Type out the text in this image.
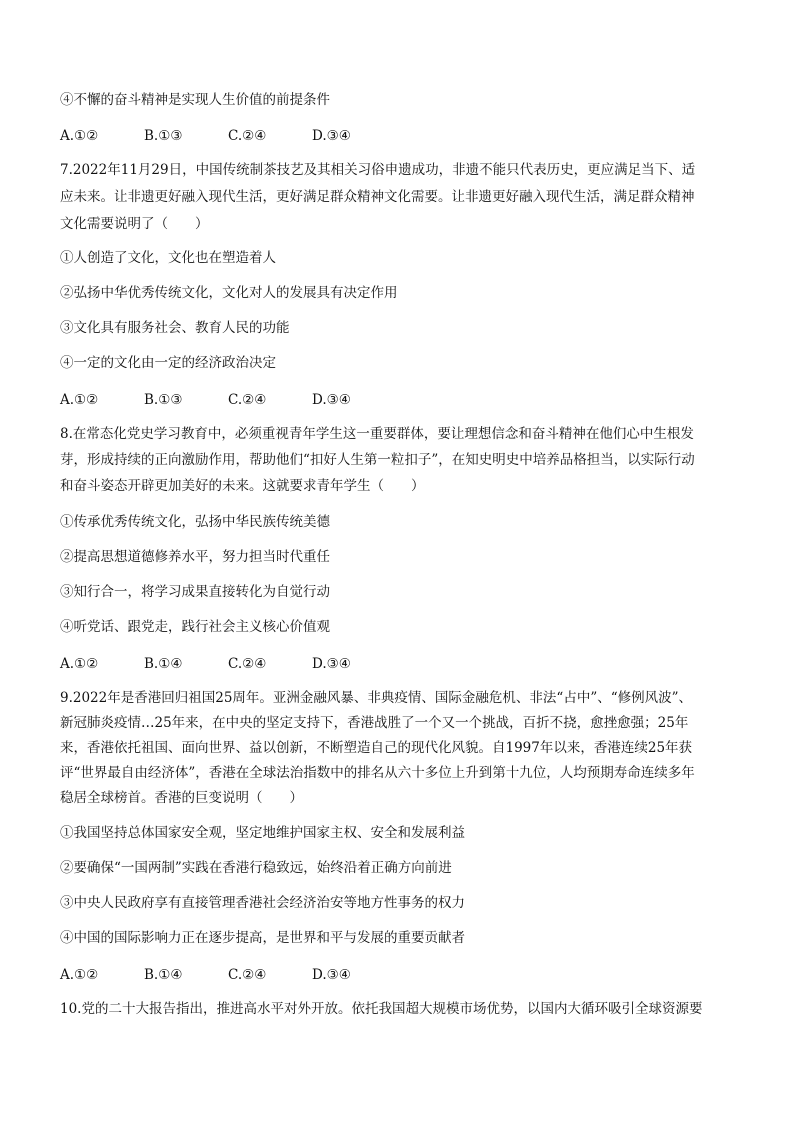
④不懈的奋斗精神是实现人生价值的前提条件
A.①②	B.①③	C.②④	D.③④
7.2022年11月29日，中国传统制茶技艺及其相关习俗申遗成功，非遗不能只代表历史，更应满足当下、适
应未来。让非遗更好融入现代生活，更好满足群众精神文化需要。让非遗更好融入现代生活，满足群众精神
文化需要说明了（　　）
①人创造了文化，文化也在塑造着人
②弘扬中华优秀传统文化，文化对人的发展具有决定作用
③文化具有服务社会、教育人民的功能
④一定的文化由一定的经济政治决定
A.①②	B.①③	C.②④	D.③④
8.在常态化党史学习教育中，必须重视青年学生这一重要群体，要让理想信念和奋斗精神在他们心中生根发
芽，形成持续的正向激励作用，帮助他们“扣好人生第一粒扣子”，在知史明史中培养品格担当，以实际行动
和奋斗姿态开辟更加美好的未来。这就要求青年学生（　　）
①传承优秀传统文化，弘扬中华民族传统美德
②提高思想道德修养水平，努力担当时代重任
③知行合一，将学习成果直接转化为自觉行动
④听党话、跟党走，践行社会主义核心价值观
A.①②	B.①④	C.②④	D.③④
9.2022年是香港回归祖国25周年。亚洲金融风暴、非典疫情、国际金融危机、非法“占中”、“修例风波”、
新冠肺炎疫情…25年来，在中央的坚定支持下，香港战胜了一个又一个挑战，百折不挠，愈挫愈强；25年
来，香港依托祖国、面向世界、益以创新，不断塑造自己的现代化风貌。自1997年以来，香港连续25年获
评“世界最自由经济体”，香港在全球法治指数中的排名从六十多位上升到第十九位，人均预期寿命连续多年
稳居全球榜首。香港的巨变说明（　　）
①我国坚持总体国家安全观，坚定地维护国家主权、安全和发展利益
②要确保“一国两制”实践在香港行稳致远，始终沿着正确方向前进
③中央人民政府享有直接管理香港社会经济治安等地方性事务的权力
④中国的国际影响力正在逐步提高，是世界和平与发展的重要贡献者
A.①②	B.①④	C.②④	D.③④
10.党的二十大报告指出，推进高水平对外开放。依托我国超大规模市场优势，以国内大循环吸引全球资源要
